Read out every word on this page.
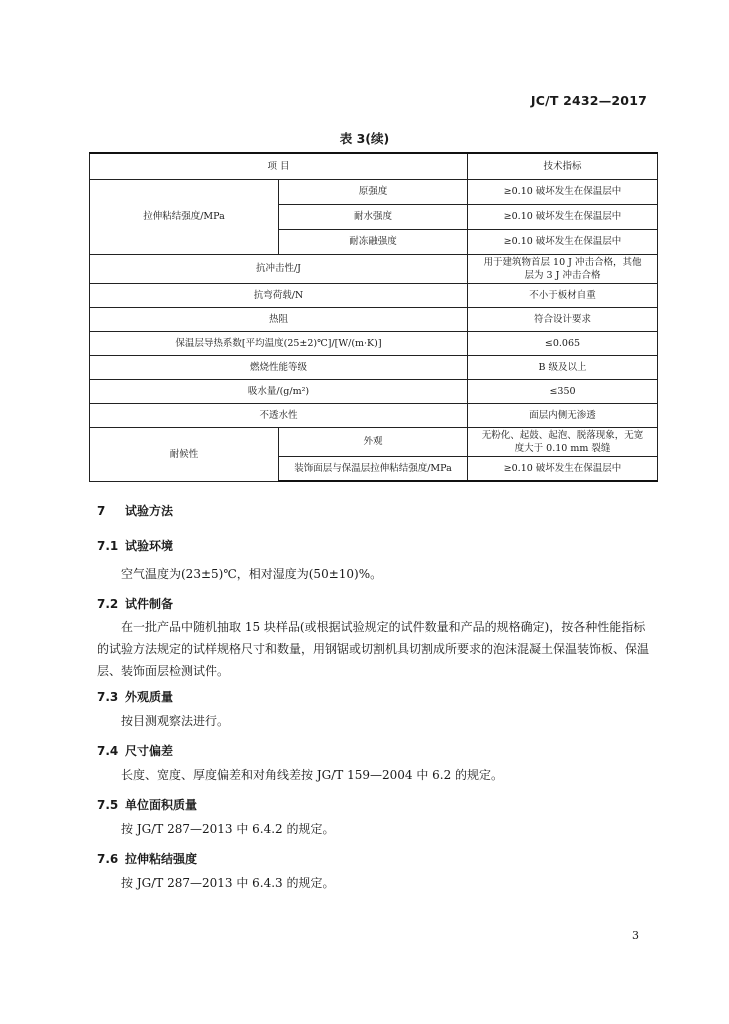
JC/T 2432—2017
表 3(续)
项 目		技术指标
拉伸粘结强度/MPa	原强度	≥0.10 破坏发生在保温层中
	耐水强度	≥0.10 破坏发生在保温层中
	耐冻融强度	≥0.10 破坏发生在保温层中
抗冲击性/J		用于建筑物首层 10 J 冲击合格，其他
层为 3 J 冲击合格
抗弯荷载/N		不小于板材自重
热阻		符合设计要求
保温层导热系数[平均温度(25±2)℃]/[W/(m·K)]		≤0.065
燃烧性能等级		B 级及以上
吸水量/(g/m²)		≤350
不透水性		面层内侧无渗透
耐候性	外观	无粉化、起鼓、起泡、脱落现象，无宽
度大于 0.10 mm 裂缝
	装饰面层与保温层拉伸粘结强度/MPa	≥0.10 破坏发生在保温层中
7 试验方法
7.1 试验环境
空气温度为(23±5)℃，相对湿度为(50±10)%。
7.2 试件制备
在一批产品中随机抽取 15 块样品(或根据试验规定的试件数量和产品的规格确定)，按各种性能指标的试验方法规定的试样规格尺寸和数量，用钢锯或切割机具切割成所要求的泡沫混凝土保温装饰板、保温层、装饰面层检测试件。
7.3 外观质量
按目测观察法进行。
7.4 尺寸偏差
长度、宽度、厚度偏差和对角线差按 JG/T 159—2004 中 6.2 的规定。
7.5 单位面积质量
按 JG/T 287—2013 中 6.4.2 的规定。
7.6 拉伸粘结强度
按 JG/T 287—2013 中 6.4.3 的规定。
3
